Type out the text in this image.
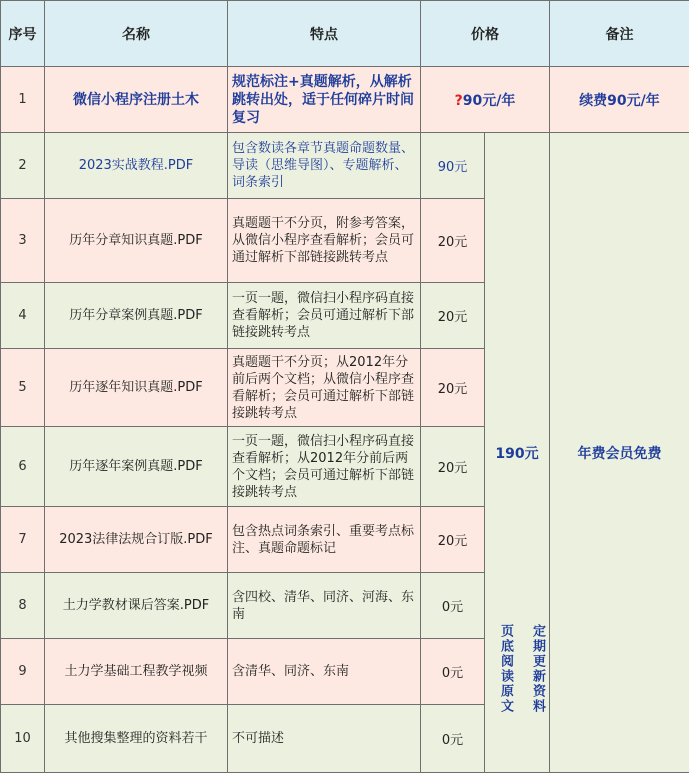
序号	名称	特点	价格		备注
1	微信小程序注册土木	规范标注+真题解析，从解析跳转出处，适于任何碎片时间复习	?90元/年		续费90元/年
2	2023实战教程.PDF	包含数读各章节真题命题数量、导读（思维导图）、专题解析、词条索引	90元	190元	年费会员免费
3	历年分章知识真题.PDF	真题题干不分页，附参考答案，从微信小程序查看解析；会员可通过解析下部链接跳转考点	20元		
4	历年分章案例真题.PDF	一页一题，微信扫小程序码直接查看解析；会员可通过解析下部链接跳转考点	20元		
5	历年逐年知识真题.PDF	真题题干不分页；从2012年分前后两个文档；从微信小程序查看解析；会员可通过解析下部链接跳转考点	20元		
6	历年逐年案例真题.PDF	一页一题，微信扫小程序码直接查看解析；从2012年分前后两个文档；会员可通过解析下部链接跳转考点	20元		
7	2023法律法规合订版.PDF	包含热点词条索引、重要考点标注、真题命题标记	20元		
8	土力学教材课后答案.PDF	含四校、清华、同济、河海、东南	0元		
9	土力学基础工程教学视频	含清华、同济、东南	0元		
10	其他搜集整理的资料若干	不可描述	0元		
页底阅读原文	定期更新资料
